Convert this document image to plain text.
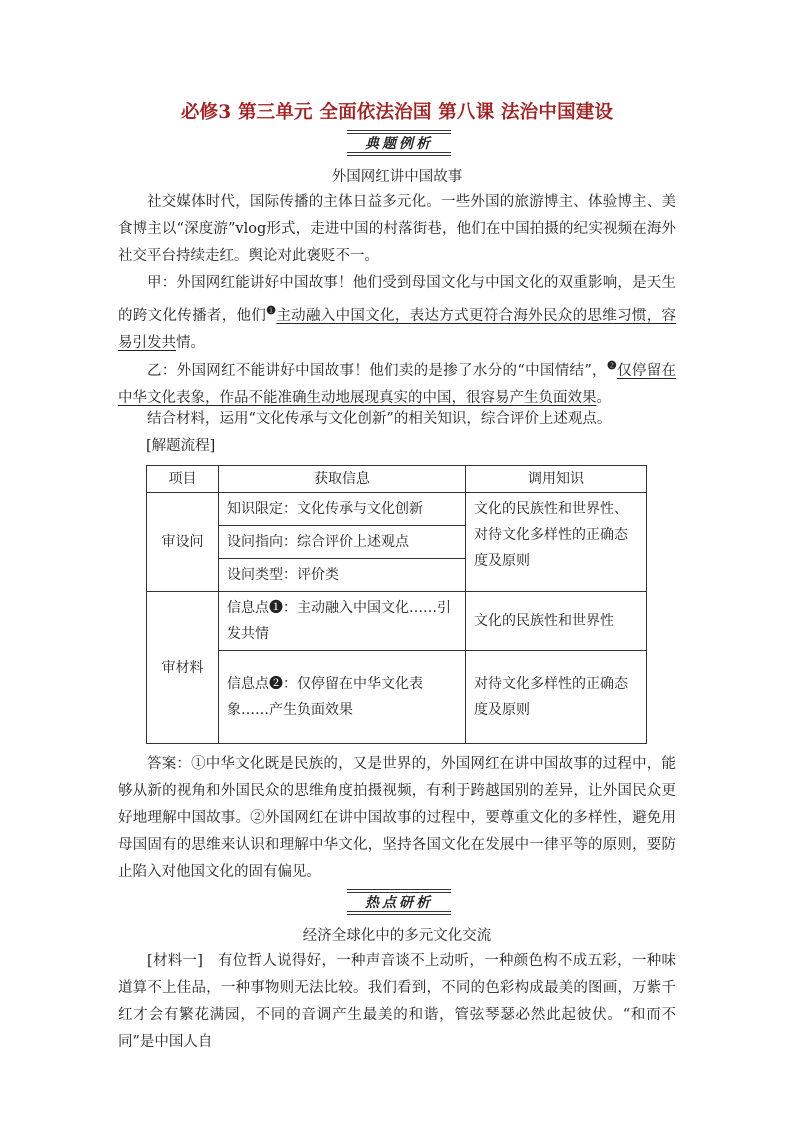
必修3 第三单元 全面依法治国 第八课 法治中国建设
典题例析
外国网红讲中国故事
社交媒体时代，国际传播的主体日益多元化。一些外国的旅游博主、体验博主、美食博主以“深度游”vlog形式，走进中国的村落街巷，他们在中国拍摄的纪实视频在海外社交平台持续走红。舆论对此褒贬不一。
甲：外国网红能讲好中国故事！他们受到母国文化与中国文化的双重影响，是天生的跨文化传播者，他们$^❶$主动融入中国文化，表达方式更符合海外民众的思维习惯，容易引发共情。
乙：外国网红不能讲好中国故事！他们卖的是掺了水分的“中国情结”，$^❷$仅停留在中华文化表象，作品不能准确生动地展现真实的中国，很容易产生负面效果。
结合材料，运用“文化传承与文化创新”的相关知识，综合评价上述观点。
[解题流程]
项目	获取信息	调用知识
审设问	知识限定：文化传承与文化创新	文化的民族性和世界性、对待文化多样性的正确态度及原则
	设问指向：综合评价上述观点	
	设问类型：评价类	
审材料	信息点❶：主动融入中国文化……引发共情	文化的民族性和世界性
	信息点❷：仅停留在中华文化表象……产生负面效果	对待文化多样性的正确态度及原则
答案：①中华文化既是民族的，又是世界的，外国网红在讲中国故事的过程中，能够从新的视角和外国民众的思维角度拍摄视频，有利于跨越国别的差异，让外国民众更好地理解中国故事。②外国网红在讲中国故事的过程中，要尊重文化的多样性，避免用母国固有的思维来认识和理解中华文化，坚持各国文化在发展中一律平等的原则，要防止陷入对他国文化的固有偏见。
热点研析
经济全球化中的多元文化交流
[材料一]　有位哲人说得好，一种声音谈不上动听，一种颜色构不成五彩，一种味道算不上佳品，一种事物则无法比较。我们看到，不同的色彩构成最美的图画，万紫千红才会有繁花满园，不同的音调产生最美的和谐，管弦琴瑟必然此起彼伏。“和而不同”是中国人自
